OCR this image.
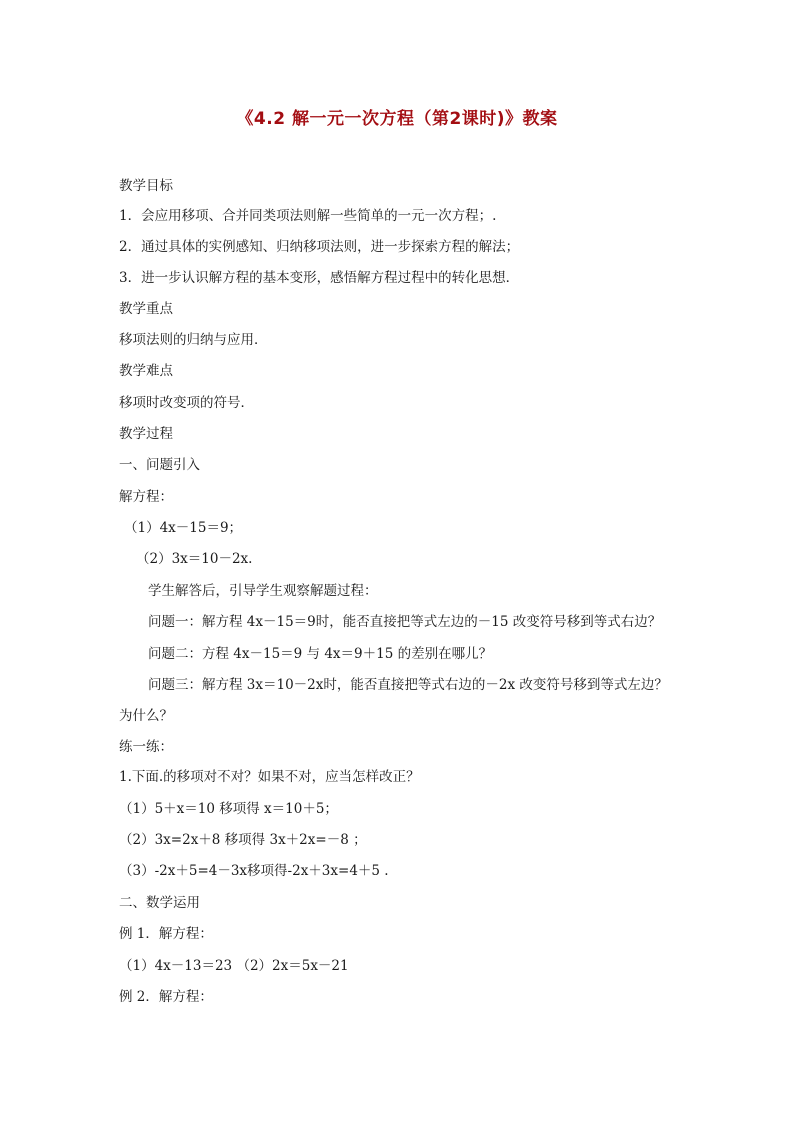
《4.2 解一元一次方程（第2课时)》教案
教学目标
1．会应用移项、合并同类项法则解一些简单的一元一次方程；.
2．通过具体的实例感知、归纳移项法则，进一步探索方程的解法；
3．进一步认识解方程的基本变形，感悟解方程过程中的转化思想．
教学重点
移项法则的归纳与应用．
教学难点
移项时改变项的符号．
教学过程
一、问题引入
解方程：
（1）4x－15＝9；
（2）3x＝10－2x.
学生解答后，引导学生观察解题过程：
问题一：解方程 4x－15＝9时，能否直接把等式左边的－15 改变符号移到等式右边？
问题二：方程 4x－15＝9 与 4x＝9＋15 的差别在哪儿？
问题三：解方程 3x＝10－2x时，能否直接把等式右边的－2x 改变符号移到等式左边？
为什么？
练一练：
1.下面.的移项对不对？如果不对，应当怎样改正？
（1）5＋x＝10 移项得 x＝10＋5；
（2）3x=2x＋8 移项得 3x＋2x=－8 ；
（3）-2x＋5=4－3x移项得-2x＋3x=4＋5 .
二、数学运用
例 1．解方程：
（1）4x－13＝23 （2）2x＝5x－21
例 2．解方程：
